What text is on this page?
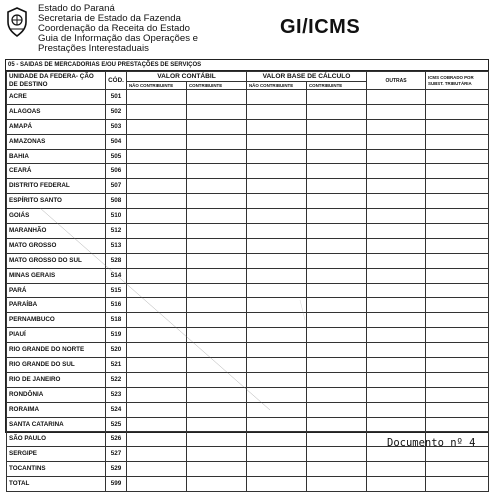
Estado do Paraná
Secretaria de Estado da Fazenda
Coordenação da Receita do Estado
Guia de Informação das Operações e
Prestações Interestaduais
GI/ICMS
05 - SAIDAS DE MERCADORIAS E/OU PRESTAÇÕES DE SERVIÇOS
UNIDADE DA FEDERA- ÇÃO DE DESTINO	CÓD.	VALOR CONTÁBIL		VALOR BASE DE CÁLCULO		OUTRAS	ICMS COBRADO POR SUBST. TRIBUTÁRIA
		NÃO CONTRIBUINTE	CONTRIBUINTE	NÃO CONTRIBUINTE	CONTRIBUINTE		
ACRE	501						
ALAGOAS	502						
AMAPÁ	503						
AMAZONAS	504						
BAHIA	505						
CEARÁ	506						
DISTRITO FEDERAL	507						
ESPÍRITO SANTO	508						
GOIÁS	510						
MARANHÃO	512						
MATO GROSSO	513						
MATO GROSSO DO SUL	528						
MINAS GERAIS	514						
PARÁ	515						
PARAÍBA	516						
PERNAMBUCO	518						
PIAUÍ	519						
RIO GRANDE DO NORTE	520						
RIO GRANDE DO SUL	521						
RIO DE JANEIRO	522						
RONDÔNIA	523						
RORAIMA	524						
SANTA CATARINA	525						
SÃO PAULO	526						
SERGIPE	527						
TOCANTINS	529						
TOTAL	599						
Documento nº 4
